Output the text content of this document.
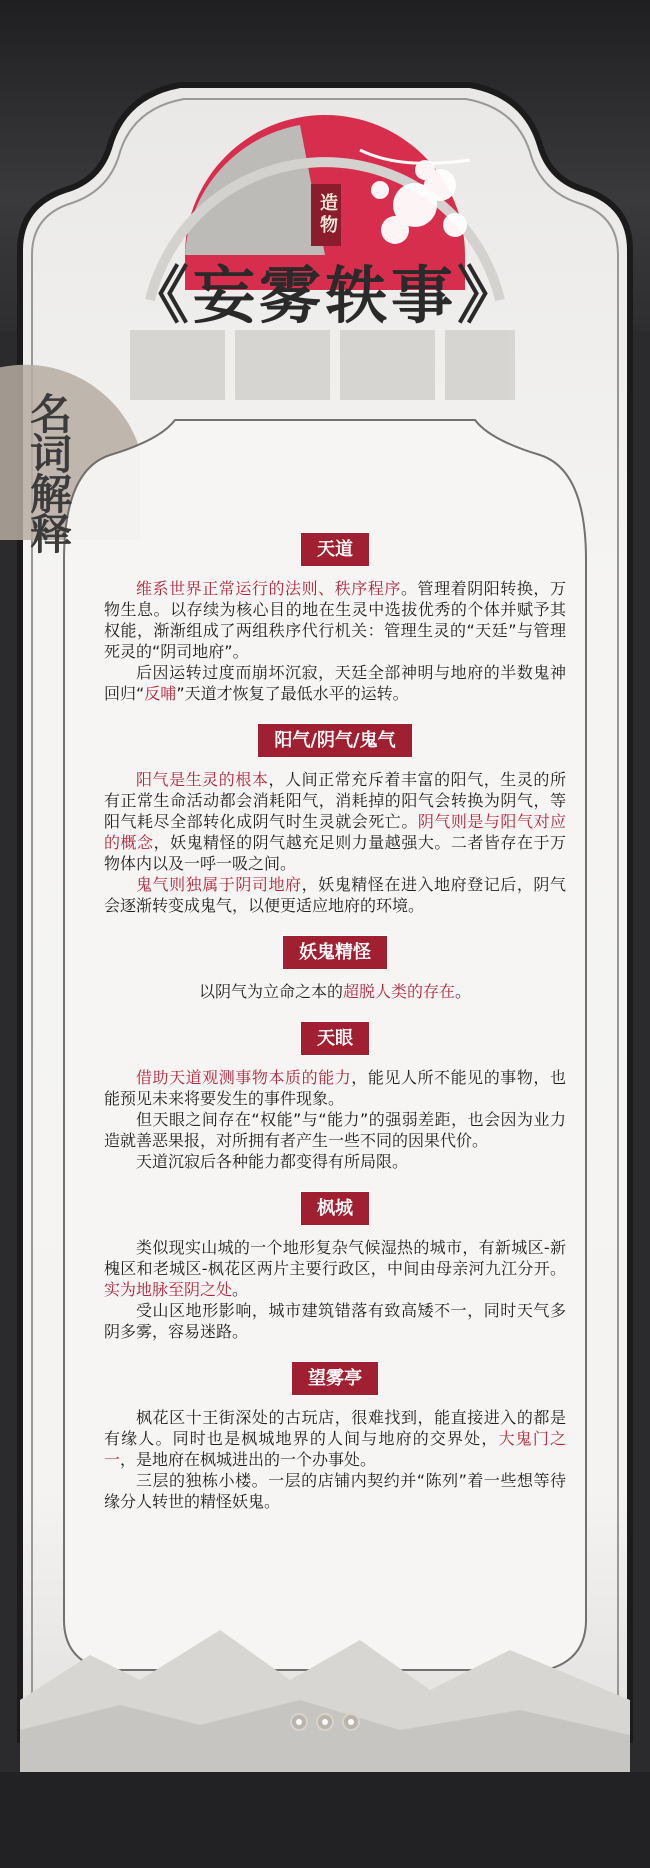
造物
《妄雾轶事》
名词解释	天道

维系世界正常运行的法则、秩序程序。管理着阴阳转换，万物生息。以存续为核心目的地在生灵中选拔优秀的个体并赋予其权能，渐渐组成了两组秩序代行机关：管理生灵的“天廷”与管理死灵的“阴司地府”。

后因运转过度而崩坏沉寂，天廷全部神明与地府的半数鬼神回归“反哺”天道才恢复了最低水平的运转。

阳气/阴气/鬼气

阳气是生灵的根本，人间正常充斥着丰富的阳气，生灵的所有正常生命活动都会消耗阳气，消耗掉的阳气会转换为阴气，等阳气耗尽全部转化成阴气时生灵就会死亡。阴气则是与阳气对应的概念，妖鬼精怪的阴气越充足则力量越强大。二者皆存在于万物体内以及一呼一吸之间。

鬼气则独属于阴司地府，妖鬼精怪在进入地府登记后，阴气会逐渐转变成鬼气，以便更适应地府的环境。

妖鬼精怪

以阴气为立命之本的超脱人类的存在。

天眼

借助天道观测事物本质的能力，能见人所不能见的事物，也能预见未来将要发生的事件现象。

但天眼之间存在“权能”与“能力”的强弱差距，也会因为业力造就善恶果报，对所拥有者产生一些不同的因果代价。

天道沉寂后各种能力都变得有所局限。

枫城

类似现实山城的一个地形复杂气候湿热的城市，有新城区-新槐区和老城区-枫花区两片主要行政区，中间由母亲河九江分开。实为地脉至阴之处。

受山区地形影响，城市建筑错落有致高矮不一，同时天气多阴多雾，容易迷路。

望雾亭

枫花区十王街深处的古玩店，很难找到，能直接进入的都是有缘人。同时也是枫城地界的人间与地府的交界处，大鬼门之一，是地府在枫城进出的一个办事处。

三层的独栋小楼。一层的店铺内契约并“陈列”着一些想等待缘分人转世的精怪妖鬼。
